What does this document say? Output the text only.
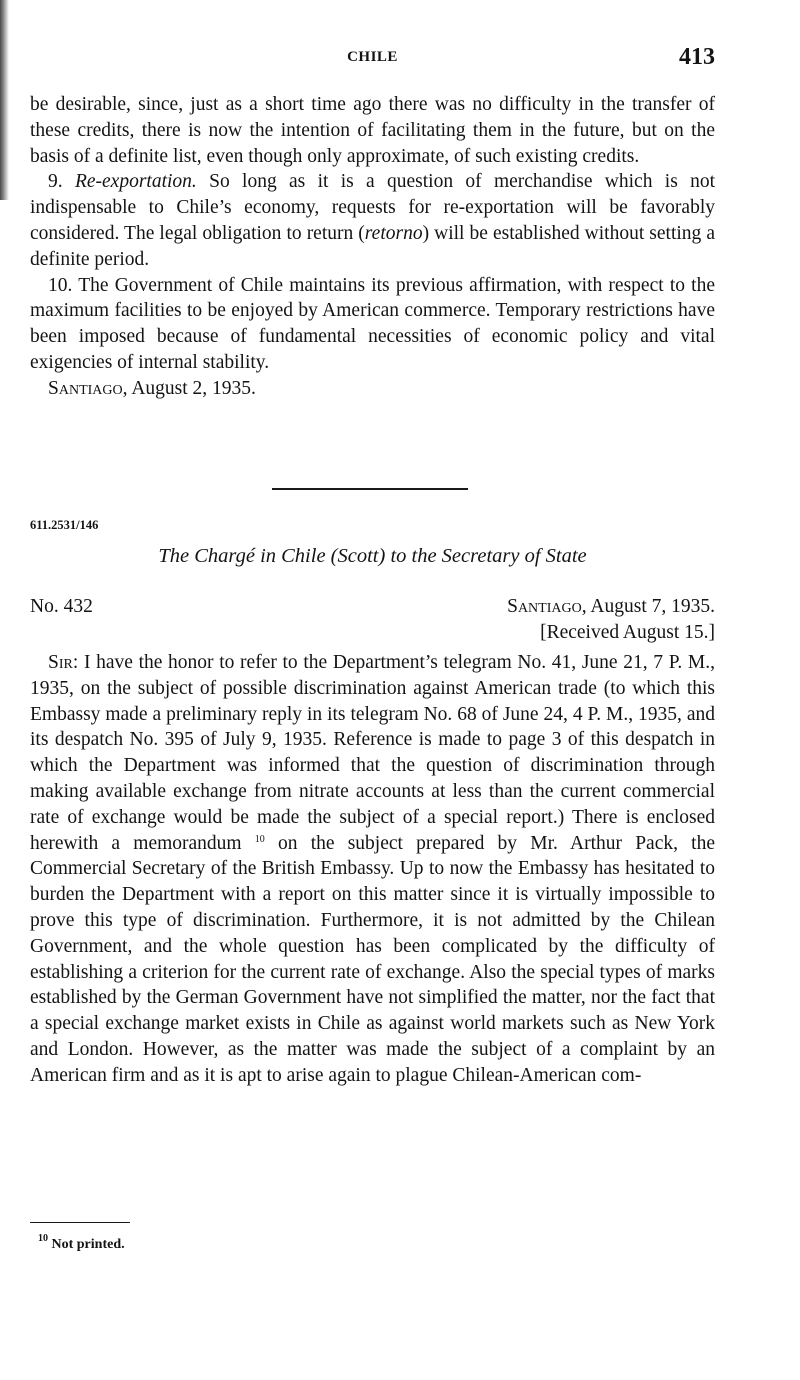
CHILE	413

be desirable, since, just as a short time ago there was no difficulty in the transfer of these credits, there is now the intention of facilitating them in the future, but on the basis of a definite list, even though only approximate, of such existing credits.

9. Re-exportation. So long as it is a question of merchandise which is not indispensable to Chile’s economy, requests for re-exportation will be favorably considered. The legal obligation to return (retorno) will be established without setting a definite period.

10. The Government of Chile maintains its previous affirmation, with respect to the maximum facilities to be enjoyed by American commerce. Temporary restrictions have been imposed because of fundamental necessities of economic policy and vital exigencies of internal stability.

Santiago, August 2, 1935.

611.2531/146
The Chargé in Chile (Scott) to the Secretary of State
No. 432	Santiago, August 7, 1935.
[Received August 15.]

Sir: I have the honor to refer to the Department’s telegram No. 41, June 21, 7 P. M., 1935, on the subject of possible discrimination against American trade (to which this Embassy made a preliminary reply in its telegram No. 68 of June 24, 4 P. M., 1935, and its despatch No. 395 of July 9, 1935. Reference is made to page 3 of this despatch in which the Department was informed that the question of discrimination through making available exchange from nitrate accounts at less than the current commercial rate of exchange would be made the subject of a special report.) There is enclosed herewith a memorandum $^{10}$ on the subject prepared by Mr. Arthur Pack, the Commercial Secretary of the British Embassy. Up to now the Embassy has hesitated to burden the Department with a report on this matter since it is virtually impossible to prove this type of discrimination. Furthermore, it is not admitted by the Chilean Government, and the whole question has been complicated by the difficulty of establishing a criterion for the current rate of exchange. Also the special types of marks established by the German Government have not simplified the matter, nor the fact that a special exchange market exists in Chile as against world markets such as New York and London. However, as the matter was made the subject of a complaint by an American firm and as it is apt to arise again to plague Chilean-American com-

$^{10}$ Not printed.
